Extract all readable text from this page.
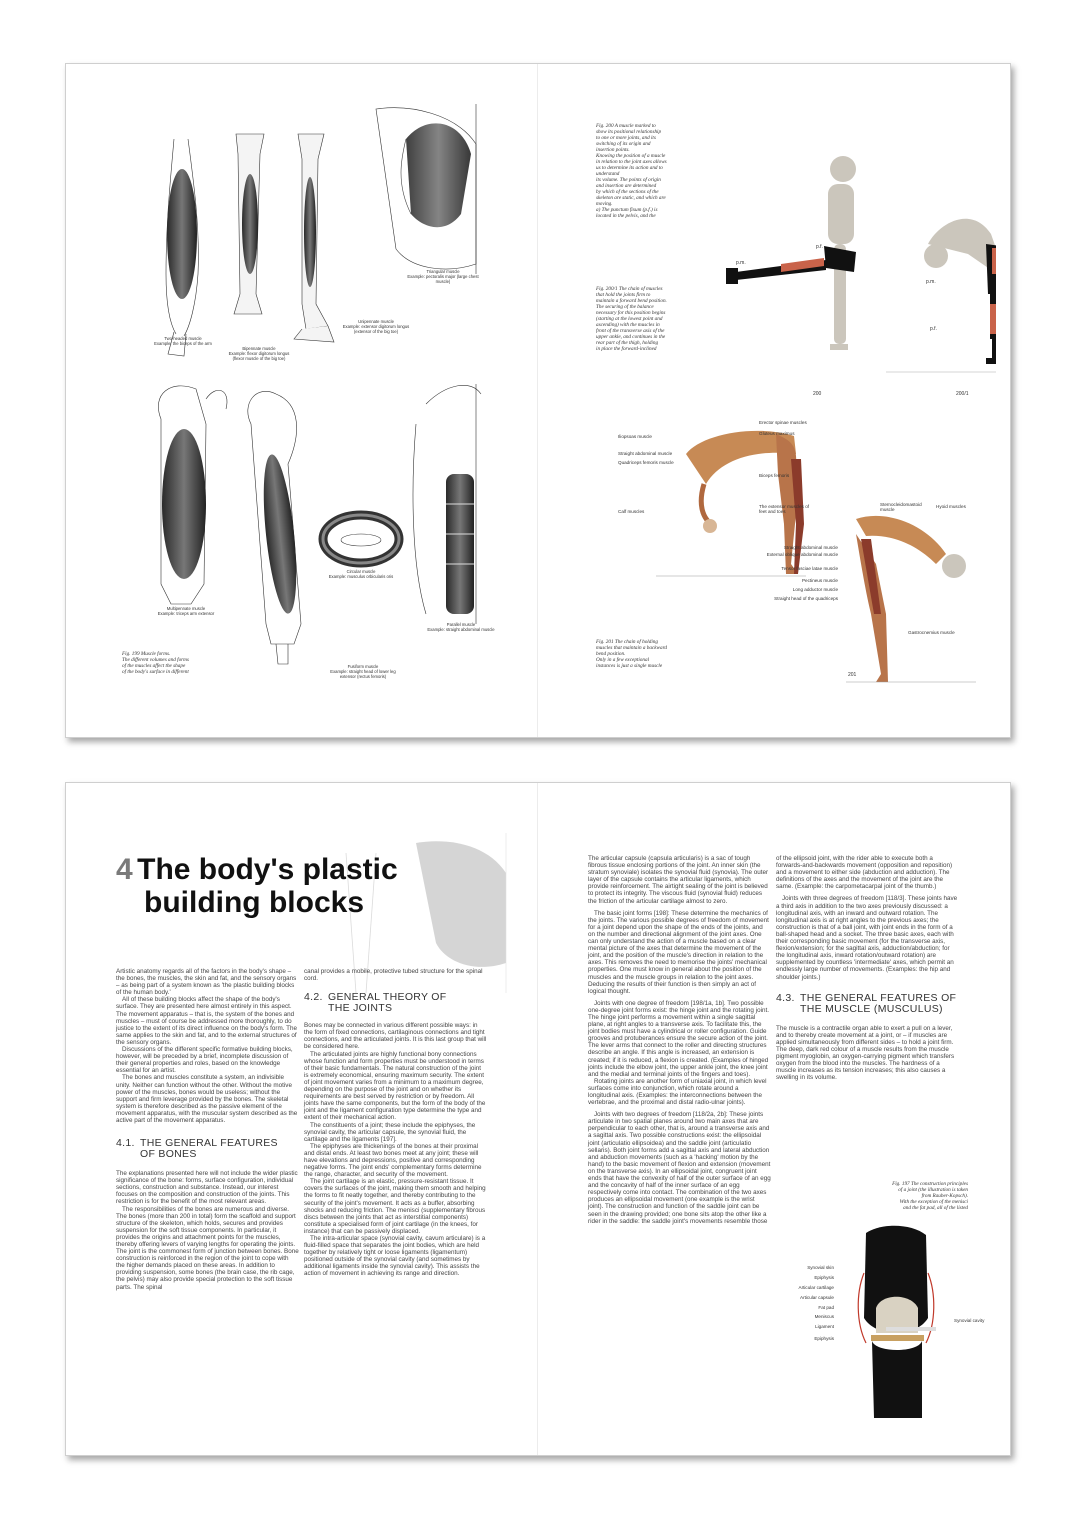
Two-headed muscle
Example: the biceps of the arm
Bipennate muscle
Example: flexor digitorum longus
(flexor muscle of the big toe)
Unipennate muscle
Example: extensor digitorum longus
(extensor of the big toe)
Triangular muscle
Example: pectoralis major (large chest
muscle)
Multipennate muscle
Example: triceps arm extensor
Circular muscle
Example: musculus orbicularis oris
Fusiform muscle
Example: straight head of lower leg
extensor (rectus femoris)
Parallel muscle
Example: straight abdominal muscle
Fig. 199 Muscle forms.
The different volumes and forms
of the muscles affect the shape
of the body's surface in different
Fig. 200 A muscle marked to
show its positional relationship
to one or more joints, and its
switching of its origin and
insertion points.
Knowing the position of a muscle
in relation to the joint axes allows
us to determine its action and to
understand
its volume. The points of origin
and insertion are determined
by which of the sections of the
skeleton are static, and which are
moving.
a) The punctum fixum (p.f.) is
located in the pelvis, and the
Fig. 200/1 The chain of muscles
that hold the joints firm to
maintain a forward bend position.
The securing of the balance
necessary for this position begins
(starting at the lowest point and
ascending) with the muscles in
front of the transverse axis of the
upper ankle, and continues in the
rear part of the thigh, holding
in place the forward-inclined
p.m.
p.f.
p.m.
p.f.
200	200/1
Erector spinae muscles
Gluteus maximus
Iliopsoas muscle
Straight abdominal muscle
Quadriceps femoris muscle
Biceps femoris
The extensor muscles of
feet and toes
Calf muscles
Sternocleidomastoid
muscle
Hyoid muscles
Straight abdominal muscle
External oblique abdominal muscle
Tensor fasciae latae muscle
Pectineus muscle
Long adductor muscle
Straight head of the quadriceps
Gastrocnemius muscle
201
Fig. 201 The chain of holding
muscles that maintain a backward
bend position.
Only in a few exceptional
instances is just a single muscle
4 The body's plastic
building blocks

Artistic anatomy regards all of the factors in the body's shape – the bones, the muscles, the skin and fat, and the sensory organs – as being part of a system known as 'the plastic building blocks of the human body.'

All of these building blocks affect the shape of the body's surface. They are presented here almost entirely in this aspect. The movement apparatus – that is, the system of the bones and muscles – must of course be addressed more thoroughly, to do justice to the extent of its direct influence on the body's form. The same applies to the skin and fat, and to the external structures of the sensory organs.

Discussions of the different specific formative building blocks, however, will be preceded by a brief, incomplete discussion of their general properties and roles, based on the knowledge essential for an artist.

The bones and muscles constitute a system, an indivisible unity. Neither can function without the other. Without the motive power of the muscles, bones would be useless; without the support and firm leverage provided by the bones. The skeletal system is therefore described as the passive element of the movement apparatus, with the muscular system described as the active part of the movement apparatus.

4.1. THE GENERAL FEATURES
OF BONES

The explanations presented here will not include the wider plastic significance of the bone: forms, surface configuration, individual sections, construction and substance. Instead, our interest focuses on the composition and construction of the joints. This restriction is for the benefit of the most relevant areas.

The responsibilities of the bones are numerous and diverse. The bones (more than 200 in total) form the scaffold and support structure of the skeleton, which holds, secures and provides suspension for the soft tissue components. In particular, it provides the origins and attachment points for the muscles, thereby offering levers of varying lengths for operating the joints. The joint is the commonest form of junction between bones. Bone construction is reinforced in the region of the joint to cope with the higher demands placed on these areas. In addition to providing suspension, some bones (the brain case, the rib cage, the pelvis) may also provide special protection to the soft tissue parts. The spinal

canal provides a mobile, protective tubed structure for the spinal cord.

4.2. GENERAL THEORY OF
THE JOINTS

Bones may be connected in various different possible ways: in the form of fixed connections, cartilaginous connections and tight connections, and the articulated joints. It is this last group that will be considered here.

The articulated joints are highly functional bony connections whose function and form properties must be understood in terms of their basic fundamentals. The natural construction of the joint is extremely economical, ensuring maximum security. The extent of joint movement varies from a minimum to a maximum degree, depending on the purpose of the joint and on whether its requirements are best served by restriction or by freedom. All joints have the same components, but the form of the body of the joint and the ligament configuration type determine the type and extent of their mechanical action.

The constituents of a joint; these include the epiphyses, the synovial cavity, the articular capsule, the synovial fluid, the cartilage and the ligaments [197].

The epiphyses are thickenings of the bones at their proximal and distal ends. At least two bones meet at any joint; these will have elevations and depressions, positive and corresponding negative forms. The joint ends' complementary forms determine the range, character, and security of the movement.

The joint cartilage is an elastic, pressure-resistant tissue. It covers the surfaces of the joint, making them smooth and helping the forms to fit neatly together, and thereby contributing to the security of the joint's movement. It acts as a buffer, absorbing shocks and reducing friction. The menisci (supplementary fibrous discs between the joints that act as interstitial components) constitute a specialised form of joint cartilage (in the knees, for instance) that can be passively displaced.

The intra-articular space (synovial cavity, cavum articulare) is a fluid-filled space that separates the joint bodies, which are held together by relatively tight or loose ligaments (ligamentum) positioned outside of the synovial cavity (and sometimes by additional ligaments inside the synovial cavity). This assists the action of movement in achieving its range and direction.

The articular capsule (capsula articularis) is a sac of tough fibrous tissue enclosing portions of the joint. An inner skin (the stratum synoviale) isolates the synovial fluid (synovia). The outer layer of the capsule contains the articular ligaments, which provide reinforcement. The airtight sealing of the joint is believed to protect its integrity. The viscous fluid (synovial fluid) reduces the friction of the articular cartilage almost to zero.

The basic joint forms [198]: These determine the mechanics of the joints. The various possible degrees of freedom of movement for a joint depend upon the shape of the ends of the joints, and on the number and directional alignment of the joint axes. One can only understand the action of a muscle based on a clear mental picture of the axes that determine the movement of the joint, and the position of the muscle's direction in relation to the axes. This removes the need to memorise the joints' mechanical properties. One must know in general about the position of the muscles and the muscle groups in relation to the joint axes. Deducing the results of their function is then simply an act of logical thought.

Joints with one degree of freedom [198/1a, 1b]. Two possible one-degree joint forms exist: the hinge joint and the rotating joint. The hinge joint performs a movement within a single sagittal plane, at right angles to a transverse axis. To facilitate this, the joint bodies must have a cylindrical or roller configuration. Guide grooves and protuberances ensure the secure action of the joint. The lever arms that connect to the roller and directing structures describe an angle. If this angle is increased, an extension is created; if it is reduced, a flexion is created. (Examples of hinged joints include the elbow joint, the upper ankle joint, the knee joint and the medial and terminal joints of the fingers and toes).

Rotating joints are another form of uniaxial joint, in which level surfaces come into conjunction, which rotate around a longitudinal axis. (Examples: the interconnections between the vertebrae, and the proximal and distal radio-ulnar joints).

Joints with two degrees of freedom [118/2a, 2b]: These joints articulate in two spatial planes around two main axes that are perpendicular to each other, that is, around a transverse axis and a sagittal axis. Two possible constructions exist: the ellipsoidal joint (articulatio ellipsoidea) and the saddle joint (articulatio sellaris). Both joint forms add a sagittal axis and lateral abduction and abduction movements (such as a 'hacking' motion by the hand) to the basic movement of flexion and extension (movement on the transverse axis). In an ellipsoidal joint, congruent joint ends that have the convexity of half of the outer surface of an egg and the concavity of half of the inner surface of an egg respectively come into contact. The combination of the two axes produces an ellipsoidal movement (one example is the wrist joint). The construction and function of the saddle joint can be seen in the drawing provided; one bone sits atop the other like a rider in the saddle: the saddle joint's movements resemble those

of the ellipsoid joint, with the rider able to execute both a forwards-and-backwards movement (opposition and reposition) and a movement to either side (abduction and adduction). The definitions of the axes and the movement of the joint are the same. (Example: the carpometacarpal joint of the thumb.)

Joints with three degrees of freedom [118/3]. These joints have a third axis in addition to the two axes previously discussed: a longitudinal axis, with an inward and outward rotation. The longitudinal axis is at right angles to the previous axes; the construction is that of a ball joint, with joint ends in the form of a ball-shaped head and a socket. The three basic axes, each with their corresponding basic movement (for the transverse axis, flexion/extension; for the sagittal axis, adduction/abduction; for the longitudinal axis, inward rotation/outward rotation) are supplemented by countless 'intermediate' axes, which permit an endlessly large number of movements. (Examples: the hip and shoulder joints.)

4.3. THE GENERAL FEATURES OF
THE MUSCLE (MUSCULUS)

The muscle is a contractile organ able to exert a pull on a lever, and to thereby create movement at a joint, or – if muscles are applied simultaneously from different sides – to hold a joint firm. The deep, dark red colour of a muscle results from the muscle pigment myoglobin, an oxygen-carrying pigment which transfers oxygen from the blood into the muscles. The hardness of a muscle increases as its tension increases; this also causes a swelling in its volume.

Fig. 197 The construction principles
of a joint (the illustration is taken
from Rauber-Kopsch).
With the exception of the menisci
and the fat pad, all of the listed
Synovial skin
Epiphysis
Articular cartilage
Articular capsule
Fat pad
Meniscus
Ligament
Epiphysis
Synovial cavity
